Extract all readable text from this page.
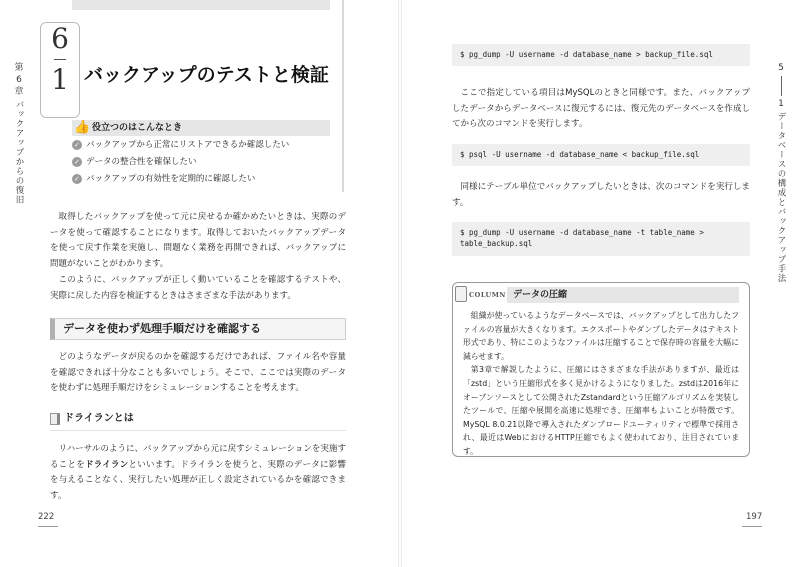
第
6
章
バックアップからの復旧
6
1 バックアップのテストと検証
👍 役立つのはこんなとき
✓ バックアップから正常にリストアできるか確認したい
✓ データの整合性を確保したい
✓ バックアップの有効性を定期的に確認したい

取得したバックアップを使って元に戻せるか確かめたいときは、実際のデータを使って確認することになります。取得しておいたバックアップデータを使って戻す作業を実施し、問題なく業務を再開できれば、バックアップに問題がないことがわかります。

このように、バックアップが正しく動いていることを確認するテストや、実際に戻した内容を検証するときはさまざまな手法があります。

データを使わず処理手順だけを確認する

どのようなデータが戻るのかを確認するだけであれば、ファイル名や容量を確認できれば十分なことも多いでしょう。そこで、ここでは実際のデータを使わずに処理手順だけをシミュレーションすることを考えます。

ドライランとは

リハーサルのように、バックアップから元に戻すシミュレーションを実施することをドライランといいます。ドライランを使うと、実際のデータに影響を与えることなく、実行したい処理が正しく設定されているかを確認できます。

222
5
1
データベースの構成とバックアップ手法
$ pg_dump -U username -d database_name > backup_file.sql

ここで指定している項目はMySQLのときと同様です。また、バックアップしたデータからデータベースに復元するには、復元先のデータベースを作成してから次のコマンドを実行します。

$ psql -U username -d database_name < backup_file.sql

同様にテーブル単位でバックアップしたいときは、次のコマンドを実行します。

$ pg_dump -U username -d database_name -t table_name > table_backup.sql
COLUMN データの圧縮

組織が使っているようなデータベースでは、バックアップとして出力したファイルの容量が大きくなります。エクスポートやダンプしたデータはテキスト形式であり、特にこのようなファイルは圧縮することで保存時の容量を大幅に減らせます。

第3章で解説したように、圧縮にはさまざまな手法がありますが、最近は「zstd」という圧縮形式を多く見かけるようになりました。zstdは2016年にオープンソースとして公開されたZstandardという圧縮アルゴリズムを実装したツールで、圧縮や展開を高速に処理でき、圧縮率もよいことが特徴です。MySQL 8.0.21以降で導入されたダンプロードユーティリティで標準で採用され、最近はWebにおけるHTTP圧縮でもよく使われており、注目されています。

197
